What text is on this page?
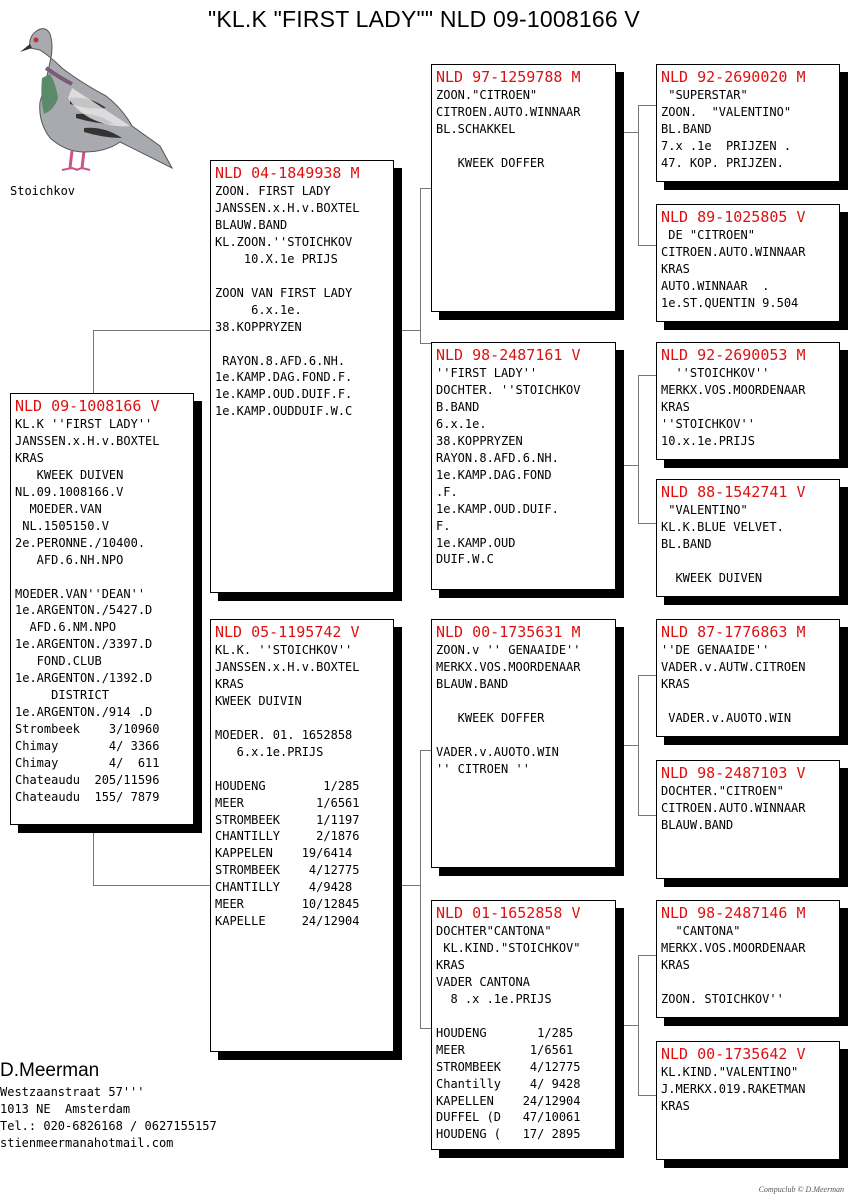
"KL.K "FIRST LADY"" NLD 09-1008166 V
Stoichkov
NLD 09-1008166 V
KL.K ''FIRST LADY''
JANSSEN.x.H.v.BOXTEL
KRAS
KWEEK DUIVEN
NL.09.1008166.V
MOEDER.VAN
NL.1505150.V
2e.PERONNE./10400.
AFD.6.NH.NPO

MOEDER.VAN''DEAN''
1e.ARGENTON./5427.D
AFD.6.NM.NPO
1e.ARGENTON./3397.D
FOND.CLUB
1e.ARGENTON./1392.D
DISTRICT
1e.ARGENTON./914 .D
Strombeek    3/10960
Chimay       4/ 3366
Chimay       4/  611
Chateaudu  205/11596
Chateaudu  155/ 7879
NLD 04-1849938 M
ZOON. FIRST LADY
JANSSEN.x.H.v.BOXTEL
BLAUW.BAND
KL.ZOON.''STOICHKOV
10.X.1e PRIJS

ZOON VAN FIRST LADY
6.x.1e.
38.KOPPRYZEN

RAYON.8.AFD.6.NH.
1e.KAMP.DAG.FOND.F.
1e.KAMP.OUD.DUIF.F.
1e.KAMP.OUDDUIF.W.C
NLD 05-1195742 V
KL.K. ''STOICHKOV''
JANSSEN.x.H.v.BOXTEL
KRAS
KWEEK DUIVIN

MOEDER. 01. 1652858
6.x.1e.PRIJS

HOUDENG        1/285
MEER          1/6561
STROMBEEK     1/1197
CHANTILLY     2/1876
KAPPELEN    19/6414
STROMBEEK    4/12775
CHANTILLY    4/9428
MEER        10/12845
KAPELLE     24/12904
NLD 97-1259788 M
ZOON."CITROEN"
CITROEN.AUTO.WINNAAR
BL.SCHAKKEL

KWEEK DOFFER
NLD 98-2487161 V
''FIRST LADY''
DOCHTER. ''STOICHKOV
B.BAND
6.x.1e.
38.KOPPRYZEN
RAYON.8.AFD.6.NH.
1e.KAMP.DAG.FOND
.F.
1e.KAMP.OUD.DUIF.
F.
1e.KAMP.OUD
DUIF.W.C
NLD 00-1735631 M
ZOON.v '' GENAAIDE''
MERKX.VOS.MOORDENAAR
BLAUW.BAND

KWEEK DOFFER

VADER.v.AUOTO.WIN
'' CITROEN ''
NLD 01-1652858 V
DOCHTER"CANTONA"
KL.KIND."STOICHKOV"
KRAS
VADER CANTONA
8 .x .1e.PRIJS

HOUDENG       1/285
MEER         1/6561
STROMBEEK    4/12775
Chantilly    4/ 9428
KAPELLEN    24/12904
DUFFEL (D   47/10061
HOUDENG (   17/ 2895
NLD 92-2690020 M
"SUPERSTAR"
ZOON.  "VALENTINO"
BL.BAND
7.x .1e  PRIJZEN .
47. KOP. PRIJZEN.
NLD 89-1025805 V
DE "CITROEN"
CITROEN.AUTO.WINNAAR
KRAS
AUTO.WINNAAR  .
1e.ST.QUENTIN 9.504
NLD 92-2690053 M
''STOICHKOV''
MERKX.VOS.MOORDENAAR
KRAS
''STOICHKOV''
10.x.1e.PRIJS
NLD 88-1542741 V
"VALENTINO"
KL.K.BLUE VELVET.
BL.BAND

KWEEK DUIVEN
NLD 87-1776863 M
''DE GENAAIDE''
VADER.v.AUTW.CITROEN
KRAS

VADER.v.AUOTO.WIN
NLD 98-2487103 V
DOCHTER."CITROEN"
CITROEN.AUTO.WINNAAR
BLAUW.BAND
NLD 98-2487146 M
"CANTONA"
MERKX.VOS.MOORDENAAR
KRAS

ZOON. STOICHKOV''
NLD 00-1735642 V
KL.KIND."VALENTINO"
J.MERKX.019.RAKETMAN
KRAS
D.Meerman
Westzaanstraat 57'''
1013 NE  Amsterdam
Tel.: 020-6826168 / 0627155157
stienmeermanahotmail.com
Compuclub © D.Meerman
